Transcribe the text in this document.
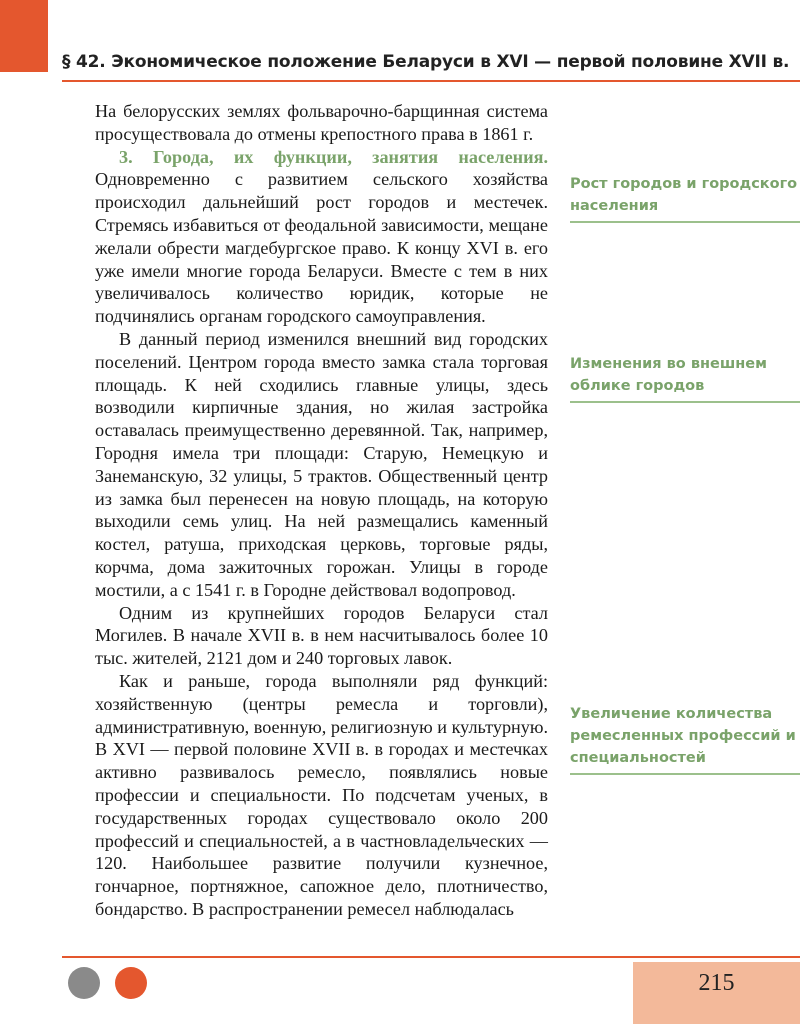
§ 42. Экономическое положение Беларуси в XVI — первой половине XVII в.

На белорусских землях фольварочно-барщинная система просуществовала до отмены крепостного права в 1861 г.

3. Города, их функции, занятия населения. Одновременно с развитием сельского хозяйства происходил дальнейший рост городов и местечек. Стремясь избавиться от феодальной зависимости, мещане желали обрести магдебургское право. К концу XVI в. его уже имели многие города Беларуси. Вместе с тем в них увеличивалось количество юридик, которые не подчинялись органам городского самоуправления.

В данный период изменился внешний вид городских поселений. Центром города вместо замка стала торговая площадь. К ней сходились главные улицы, здесь возводили кирпичные здания, но жилая застройка оставалась преимущественно деревянной. Так, например, Городня имела три площади: Старую, Немецкую и Занеманскую, 32 улицы, 5 трактов. Общественный центр из замка был перенесен на новую площадь, на которую выходили семь улиц. На ней размещались каменный костел, ратуша, приходская церковь, торговые ряды, корчма, дома зажиточных горожан. Улицы в городе мостили, а с 1541 г. в Городне действовал водопровод.

Одним из крупнейших городов Беларуси стал Могилев. В начале XVII в. в нем насчитывалось более 10 тыс. жителей, 2121 дом и 240 торговых лавок.

Как и раньше, города выполняли ряд функций: хозяйственную (центры ремесла и торговли), административную, военную, религиозную и культурную. В XVI — первой половине XVII в. в городах и местечках активно развивалось ремесло, появлялись новые профессии и специальности. По подсчетам ученых, в государственных городах существовало около 200 профессий и специальностей, а в частновладельческих — 120. Наибольшее развитие получили кузнечное, гончарное, портняжное, сапожное дело, плотничество, бондарство. В распространении ремесел наблюдалась

Рост городов и городского населения
Изменения во внешнем облике городов
Увеличение количества ремесленных профессий и специальностей
215
